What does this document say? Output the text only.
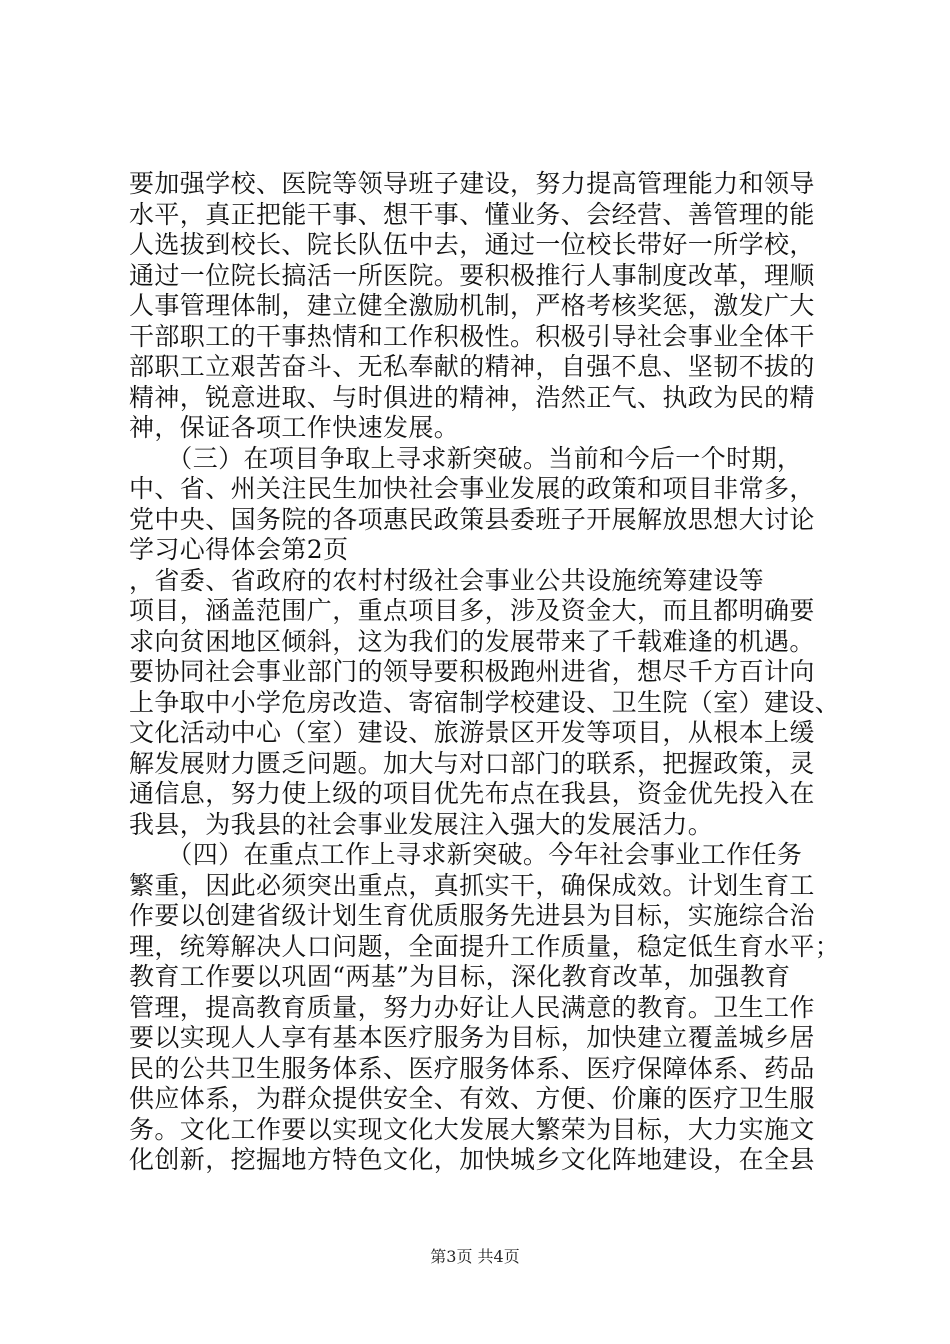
要加强学校、医院等领导班子建设，努力提高管理能力和领导
水平，真正把能干事、想干事、懂业务、会经营、善管理的能
人选拔到校长、院长队伍中去，通过一位校长带好一所学校，
通过一位院长搞活一所医院。要积极推行人事制度改革，理顺
人事管理体制，建立健全激励机制，严格考核奖惩，激发广大
干部职工的干事热情和工作积极性。积极引导社会事业全体干
部职工立艰苦奋斗、无私奉献的精神，自强不息、坚韧不拔的
精神，锐意进取、与时俱进的精神，浩然正气、执政为民的精
神，保证各项工作快速发展。
　　（三）在项目争取上寻求新突破。当前和今后一个时期，
中、省、州关注民生加快社会事业发展的政策和项目非常多，
党中央、国务院的各项惠民政策县委班子开展解放思想大讨论
学习心得体会第2页
，省委、省政府的农村村级社会事业公共设施统筹建设等
项目，涵盖范围广，重点项目多，涉及资金大，而且都明确要
求向贫困地区倾斜，这为我们的发展带来了千载难逢的机遇。
要协同社会事业部门的领导要积极跑州进省，想尽千方百计向
上争取中小学危房改造、寄宿制学校建设、卫生院（室）建设、
文化活动中心（室）建设、旅游景区开发等项目，从根本上缓
解发展财力匮乏问题。加大与对口部门的联系，把握政策，灵
通信息，努力使上级的项目优先布点在我县，资金优先投入在
我县，为我县的社会事业发展注入强大的发展活力。
　　（四）在重点工作上寻求新突破。今年社会事业工作任务
繁重，因此必须突出重点，真抓实干，确保成效。计划生育工
作要以创建省级计划生育优质服务先进县为目标，实施综合治
理，统筹解决人口问题，全面提升工作质量，稳定低生育水平；
教育工作要以巩固“两基”为目标，深化教育改革，加强教育
管理，提高教育质量，努力办好让人民满意的教育。卫生工作
要以实现人人享有基本医疗服务为目标，加快建立覆盖城乡居
民的公共卫生服务体系、医疗服务体系、医疗保障体系、药品
供应体系，为群众提供安全、有效、方便、价廉的医疗卫生服
务。文化工作要以实现文化大发展大繁荣为目标，大力实施文
化创新，挖掘地方特色文化，加快城乡文化阵地建设，在全县
第3页 共4页
